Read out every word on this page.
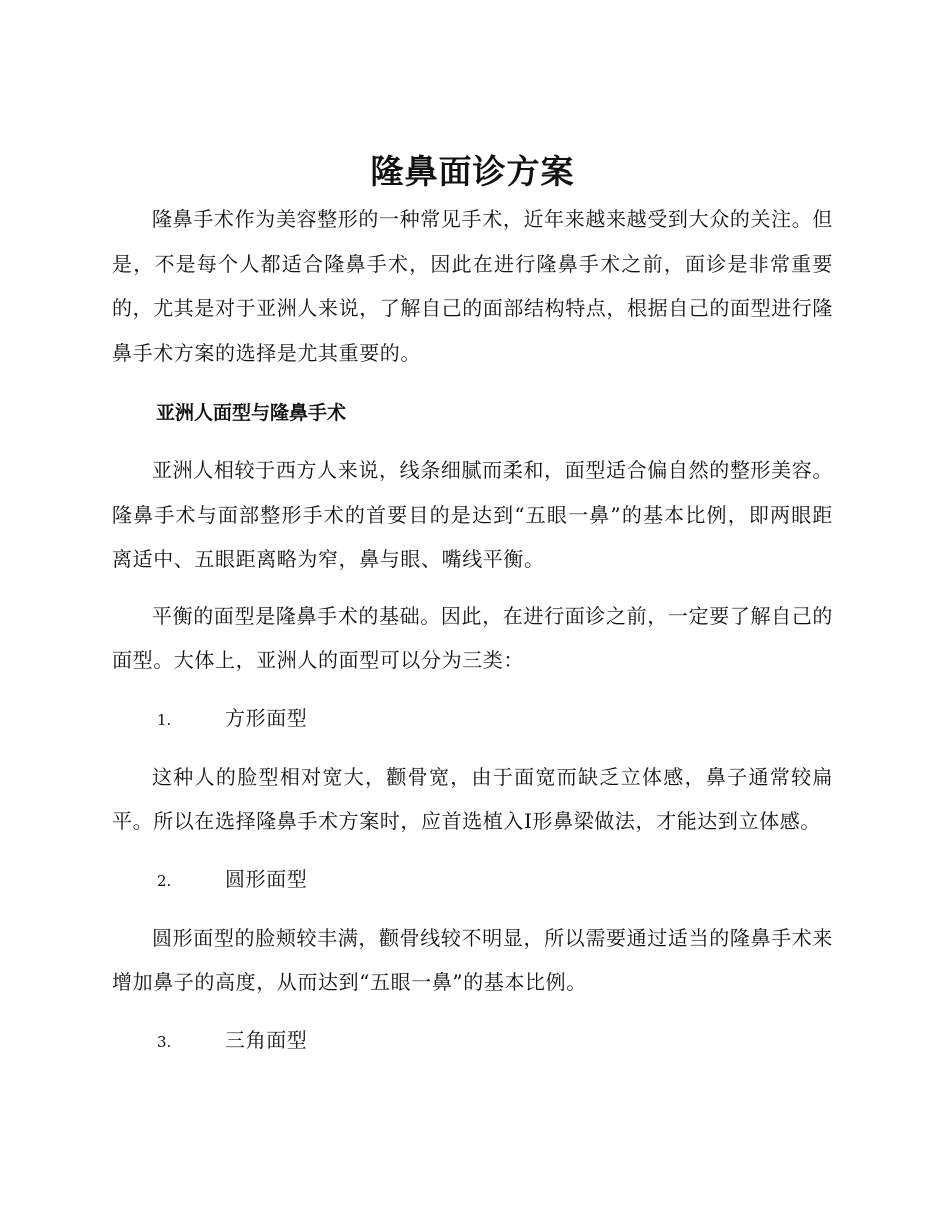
隆鼻面诊方案

隆鼻手术作为美容整形的一种常见手术，近年来越来越受到大众的关注。但是，不是每个人都适合隆鼻手术，因此在进行隆鼻手术之前，面诊是非常重要的，尤其是对于亚洲人来说，了解自己的面部结构特点，根据自己的面型进行隆鼻手术方案的选择是尤其重要的。

亚洲人面型与隆鼻手术

亚洲人相较于西方人来说，线条细腻而柔和，面型适合偏自然的整形美容。隆鼻手术与面部整形手术的首要目的是达到“五眼一鼻”的基本比例，即两眼距离适中、五眼距离略为窄，鼻与眼、嘴线平衡。

平衡的面型是隆鼻手术的基础。因此，在进行面诊之前，一定要了解自己的面型。大体上，亚洲人的面型可以分为三类：

1.	方形面型

这种人的脸型相对宽大，颧骨宽，由于面宽而缺乏立体感，鼻子通常较扁平。所以在选择隆鼻手术方案时，应首选植入Ⅰ形鼻梁做法，才能达到立体感。

2.	圆形面型

圆形面型的脸颊较丰满，颧骨线较不明显，所以需要通过适当的隆鼻手术来增加鼻子的高度，从而达到“五眼一鼻”的基本比例。

3.	三角面型
